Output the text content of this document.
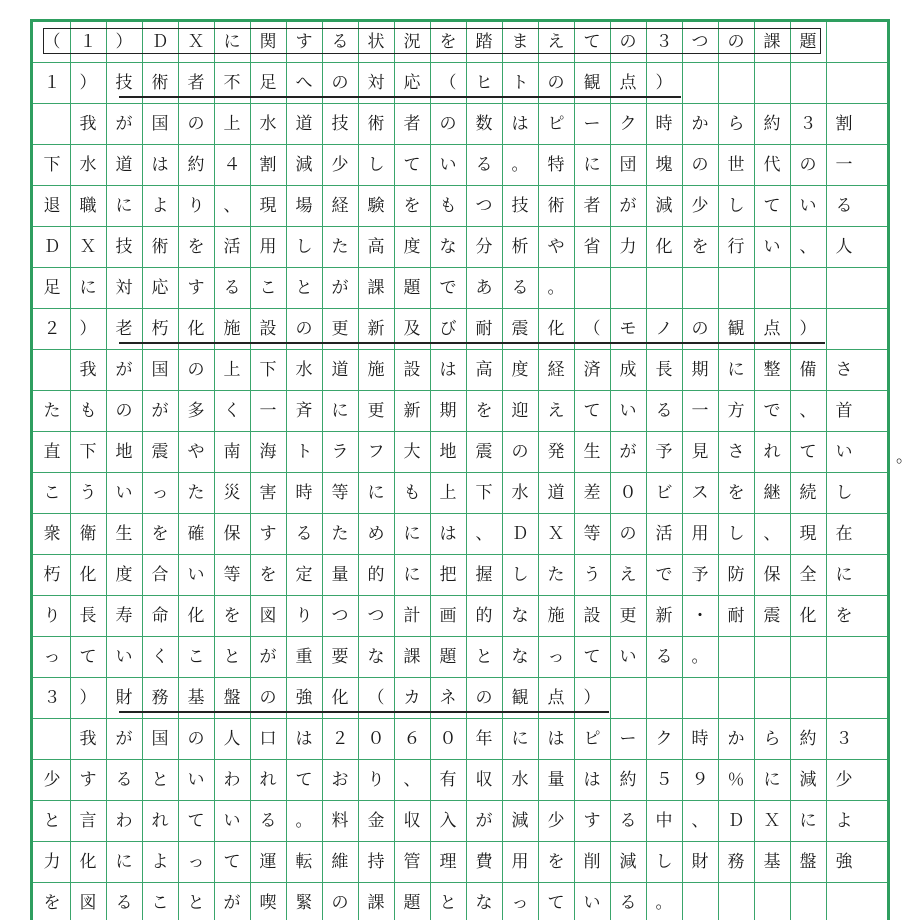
（	１	）	Ｄ	Ｘ	に	関	す	る	状	況	を	踏	ま	え	て	の	３	つ	の	課	題
１	）	技	術	者	不	足	へ	の	対	応	（	ヒ	ト	の	観	点	）

我	が	国	の	上	水	道	技	術	者	の	数	は	ピ	ー	ク	時	か	ら	約	３	割
下	水	道	は	約	４	割	減	少	し	て	い	る	。	特	に	団	塊	の	世	代	の	一
退	職	に	よ	り	、	現	場	経	験	を	も	つ	技	術	者	が	減	少	し	て	い	る
Ｄ	Ｘ	技	術	を	活	用	し	た	高	度	な	分	析	や	省	力	化	を	行	い	、	人
足	に	対	応	す	る	こ	と	が	課	題	で	あ	る	。
２	）	老	朽	化	施	設	の	更	新	及	び	耐	震	化	（	モ	ノ	の	観	点	）

我	が	国	の	上	下	水	道	施	設	は	高	度	経	済	成	長	期	に	整	備	さ
た	も	の	が	多	く	一	斉	に	更	新	期	を	迎	え	て	い	る	一	方	で	、	首
直	下	地	震	や	南	海	ト	ラ	フ	大	地	震	の	発	生	が	予	見	さ	れ	て	い
こ	う	い	っ	た	災	害	時	等	に	も	上	下	水	道	差	０	ビ	ス	を	継	続	し
衆	衛	生	を	確	保	す	る	た	め	に	は	、	Ｄ	Ｘ	等	の	活	用	し	、	現	在
朽	化	度	合	い	等	を	定	量	的	に	把	握	し	た	う	え	で	予	防	保	全	に
り	長	寿	命	化	を	図	り	つ	つ	計	画	的	な	施	設	更	新	・	耐	震	化	を
っ	て	い	く	こ	と	が	重	要	な	課	題	と	な	っ	て	い	る	。
３	）	財	務	基	盤	の	強	化	（	カ	ネ	の	観	点	）

我	が	国	の	人	口	は	２	０	６	０	年	に	は	ピ	ー	ク	時	か	ら	約	３
少	す	る	と	い	わ	れ	て	お	り	、	有	収	水	量	は	約	５	９	％	に	減	少
と	言	わ	れ	て	い	る	。	料	金	収	入	が	減	少	す	る	中	、	Ｄ	Ｘ	に	よ
力	化	に	よ	っ	て	運	転	維	持	管	理	費	用	を	削	減	し	財	務	基	盤	強
を	図	る	こ	と	が	喫	緊	の	課	題	と	な	っ	て	い	る	。
。
